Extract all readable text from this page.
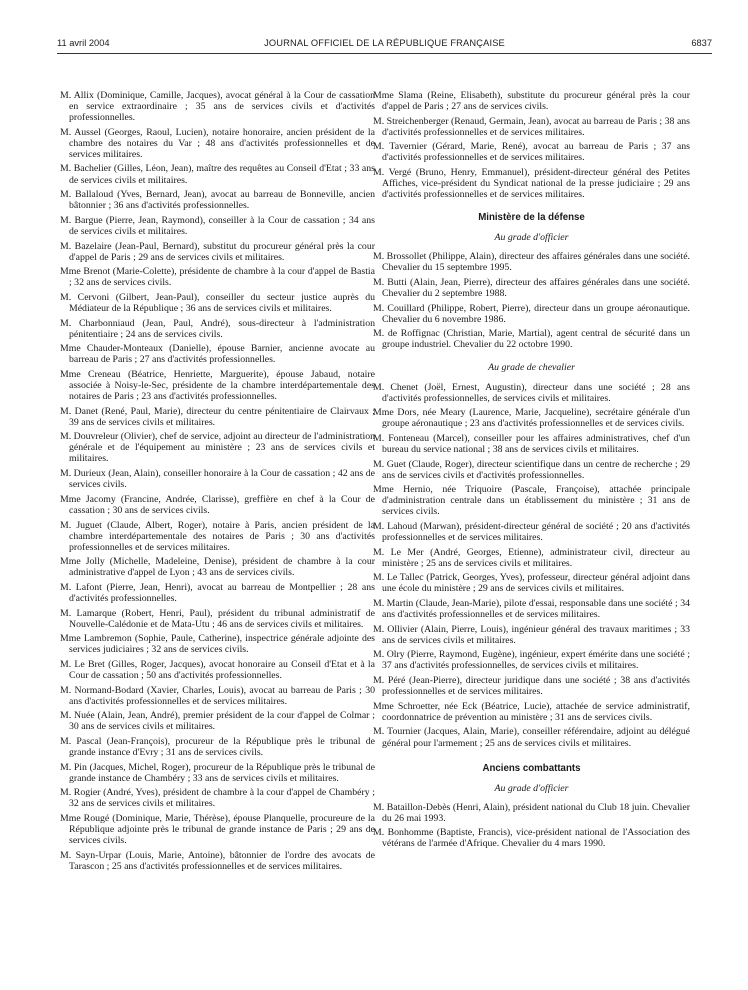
11 avril 2004	JOURNAL OFFICIEL DE LA RÉPUBLIQUE FRANÇAISE	6837

M. Allix (Dominique, Camille, Jacques), avocat général à la Cour de cassation en service extraordinaire ; 35 ans de services civils et d'activités professionnelles.

M. Aussel (Georges, Raoul, Lucien), notaire honoraire, ancien président de la chambre des notaires du Var ; 48 ans d'activités professionnelles et de services militaires.

M. Bachelier (Gilles, Léon, Jean), maître des requêtes au Conseil d'Etat ; 33 ans de services civils et militaires.

M. Ballaloud (Yves, Bernard, Jean), avocat au barreau de Bonneville, ancien bâtonnier ; 36 ans d'activités professionnelles.

M. Bargue (Pierre, Jean, Raymond), conseiller à la Cour de cassation ; 34 ans de services civils et militaires.

M. Bazelaire (Jean-Paul, Bernard), substitut du procureur général près la cour d'appel de Paris ; 29 ans de services civils et militaires.

Mme Brenot (Marie-Colette), présidente de chambre à la cour d'appel de Bastia ; 32 ans de services civils.

M. Cervoni (Gilbert, Jean-Paul), conseiller du secteur justice auprès du Médiateur de la République ; 36 ans de services civils et militaires.

M. Charbonniaud (Jean, Paul, André), sous-directeur à l'administration pénitentiaire ; 24 ans de services civils.

Mme Chauder-Monteaux (Danielle), épouse Barnier, ancienne avocate au barreau de Paris ; 27 ans d'activités professionnelles.

Mme Creneau (Béatrice, Henriette, Marguerite), épouse Jabaud, notaire associée à Noisy-le-Sec, présidente de la chambre interdépartementale des notaires de Paris ; 23 ans d'activités professionnelles.

M. Danet (René, Paul, Marie), directeur du centre pénitentiaire de Clairvaux ; 39 ans de services civils et militaires.

M. Douvreleur (Olivier), chef de service, adjoint au directeur de l'administration générale et de l'équipement au ministère ; 23 ans de services civils et militaires.

M. Durieux (Jean, Alain), conseiller honoraire à la Cour de cassation ; 42 ans de services civils.

Mme Jacomy (Francine, Andrée, Clarisse), greffière en chef à la Cour de cassation ; 30 ans de services civils.

M. Juguet (Claude, Albert, Roger), notaire à Paris, ancien président de la chambre interdépartementale des notaires de Paris ; 30 ans d'activités professionnelles et de services militaires.

Mme Jolly (Michelle, Madeleine, Denise), président de chambre à la cour administrative d'appel de Lyon ; 43 ans de services civils.

M. Lafont (Pierre, Jean, Henri), avocat au barreau de Montpellier ; 28 ans d'activités professionnelles.

M. Lamarque (Robert, Henri, Paul), président du tribunal administratif de Nouvelle-Calédonie et de Mata-Utu ; 46 ans de services civils et militaires.

Mme Lambremon (Sophie, Paule, Catherine), inspectrice générale adjointe des services judiciaires ; 32 ans de services civils.

M. Le Bret (Gilles, Roger, Jacques), avocat honoraire au Conseil d'Etat et à la Cour de cassation ; 50 ans d'activités professionnelles.

M. Normand-Bodard (Xavier, Charles, Louis), avocat au barreau de Paris ; 30 ans d'activités professionnelles et de services militaires.

M. Nuée (Alain, Jean, André), premier président de la cour d'appel de Colmar ; 30 ans de services civils et militaires.

M. Pascal (Jean-François), procureur de la République près le tribunal de grande instance d'Evry ; 31 ans de services civils.

M. Pin (Jacques, Michel, Roger), procureur de la République près le tribunal de grande instance de Chambéry ; 33 ans de services civils et militaires.

M. Rogier (André, Yves), président de chambre à la cour d'appel de Chambéry ; 32 ans de services civils et militaires.

Mme Rougé (Dominique, Marie, Thérèse), épouse Planquelle, procureure de la République adjointe près le tribunal de grande instance de Paris ; 29 ans de services civils.

M. Sayn-Urpar (Louis, Marie, Antoine), bâtonnier de l'ordre des avocats de Tarascon ; 25 ans d'activités professionnelles et de services militaires.

Mme Slama (Reine, Elisabeth), substitute du procureur général près la cour d'appel de Paris ; 27 ans de services civils.

M. Streichenberger (Renaud, Germain, Jean), avocat au barreau de Paris ; 38 ans d'activités professionnelles et de services militaires.

M. Tavernier (Gérard, Marie, René), avocat au barreau de Paris ; 37 ans d'activités professionnelles et de services militaires.

M. Vergé (Bruno, Henry, Emmanuel), président-directeur général des Petites Affiches, vice-président du Syndicat national de la presse judiciaire ; 29 ans d'activités professionnelles et de services militaires.

Ministère de la défense
Au grade d'officier

M. Brossollet (Philippe, Alain), directeur des affaires générales dans une société. Chevalier du 15 septembre 1995.

M. Butti (Alain, Jean, Pierre), directeur des affaires générales dans une société. Chevalier du 2 septembre 1988.

M. Couillard (Philippe, Robert, Pierre), directeur dans un groupe aéronautique. Chevalier du 6 novembre 1986.

M. de Roffignac (Christian, Marie, Martial), agent central de sécurité dans un groupe industriel. Chevalier du 22 octobre 1990.

Au grade de chevalier

M. Chenet (Joël, Ernest, Augustin), directeur dans une société ; 28 ans d'activités professionnelles, de services civils et militaires.

Mme Dors, née Meary (Laurence, Marie, Jacqueline), secrétaire générale d'un groupe aéronautique ; 23 ans d'activités professionnelles et de services civils.

M. Fonteneau (Marcel), conseiller pour les affaires administratives, chef d'un bureau du service national ; 38 ans de services civils et militaires.

M. Guet (Claude, Roger), directeur scientifique dans un centre de recherche ; 29 ans de services civils et d'activités professionnelles.

Mme Hernio, née Triquoire (Pascale, Françoise), attachée principale d'administration centrale dans un établissement du ministère ; 31 ans de services civils.

M. Lahoud (Marwan), président-directeur général de société ; 20 ans d'activités professionnelles et de services militaires.

M. Le Mer (André, Georges, Etienne), administrateur civil, directeur au ministère ; 25 ans de services civils et militaires.

M. Le Tallec (Patrick, Georges, Yves), professeur, directeur général adjoint dans une école du ministère ; 29 ans de services civils et militaires.

M. Martin (Claude, Jean-Marie), pilote d'essai, responsable dans une société ; 34 ans d'activités professionnelles et de services militaires.

M. Ollivier (Alain, Pierre, Louis), ingénieur général des travaux maritimes ; 33 ans de services civils et militaires.

M. Olry (Pierre, Raymond, Eugène), ingénieur, expert émérite dans une société ; 37 ans d'activités professionnelles, de services civils et militaires.

M. Péré (Jean-Pierre), directeur juridique dans une société ; 38 ans d'activités professionnelles et de services militaires.

Mme Schroetter, née Eck (Béatrice, Lucie), attachée de service administratif, coordonnatrice de prévention au ministère ; 31 ans de services civils.

M. Tournier (Jacques, Alain, Marie), conseiller référendaire, adjoint au délégué général pour l'armement ; 25 ans de services civils et militaires.

Anciens combattants
Au grade d'officier

M. Bataillon-Debès (Henri, Alain), président national du Club 18 juin. Chevalier du 26 mai 1993.

M. Bonhomme (Baptiste, Francis), vice-président national de l'Association des vétérans de l'armée d'Afrique. Chevalier du 4 mars 1990.
